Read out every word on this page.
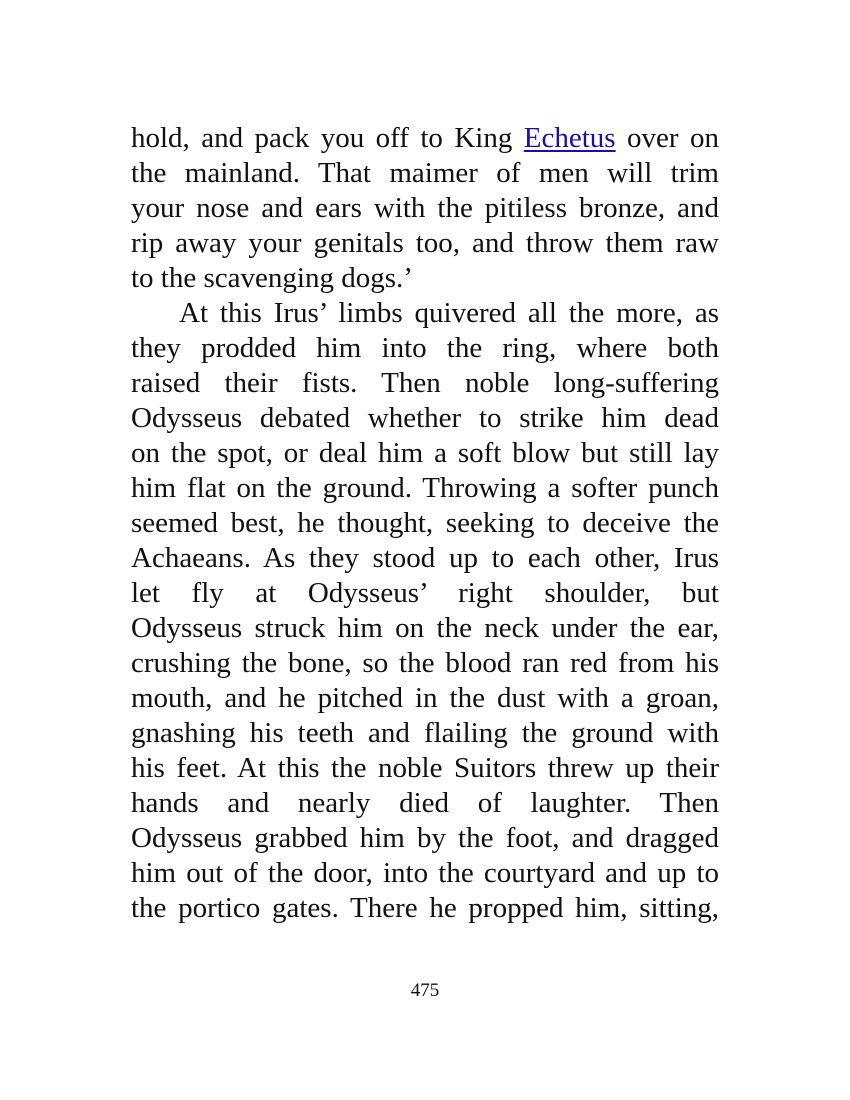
hold, and pack you off to King Echetus over on
the mainland. That maimer of men will trim
your nose and ears with the pitiless bronze, and
rip away your genitals too, and throw them raw
to the scavenging dogs.’
At this Irus’ limbs quivered all the more, as
they prodded him into the ring, where both
raised their fists. Then noble long-suffering
Odysseus debated whether to strike him dead
on the spot, or deal him a soft blow but still lay
him flat on the ground. Throwing a softer punch
seemed best, he thought, seeking to deceive the
Achaeans. As they stood up to each other, Irus
let fly at Odysseus’ right shoulder, but
Odysseus struck him on the neck under the ear,
crushing the bone, so the blood ran red from his
mouth, and he pitched in the dust with a groan,
gnashing his teeth and flailing the ground with
his feet. At this the noble Suitors threw up their
hands and nearly died of laughter. Then
Odysseus grabbed him by the foot, and dragged
him out of the door, into the courtyard and up to
the portico gates. There he propped him, sitting,
475
